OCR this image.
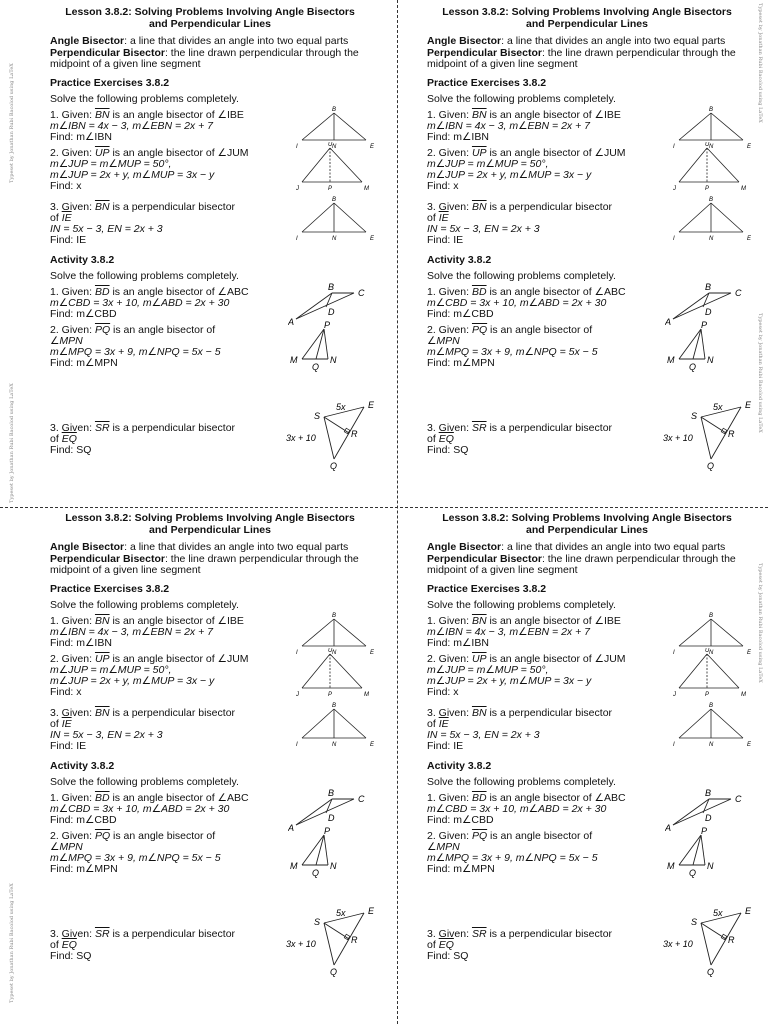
Typeset by Jonathan Rubi Bacolod using LaTeX
Typeset by Jonathan Rubi Bacolod using LaTeX
Typeset by Jonathan Rubi Bacolod using LaTeX
Typeset by Jonathan Rubi Bacolod using LaTeX
Typeset by Jonathan Rubi Bacolod using LaTeX
Typeset by Jonathan Rubi Bacolod using LaTeX
Lesson 3.8.2: Solving Problems Involving Angle Bisectors
and Perpendicular Lines

Angle Bisector: a line that divides an angle into two equal parts

Perpendicular Bisector: the line drawn perpendicular through the midpoint of a given line segment

Practice Exercises 3.8.2
Solve the following problems completely.
1. Given: $\overline{BN}$ is an angle bisector of ∠IBE
m∠IBN = 4x − 3, m∠EBN = 2x + 7
Find: m∠IBN
B
I	N	E
2. Given: $\overline{UP}$ is an angle bisector of ∠JUM
m∠JUP = m∠MUP = 50°,
m∠JUP = 2x + y, m∠MUP = 3x − y
Find: x
U
J	P	M
3. Given: $\overline{BN}$ is a perpendicular bisector
of $\overline{IE}$
IN = 5x − 3, EN = 2x + 3
Find: IE
B
I	N	E
Activity 3.8.2
Solve the following problems completely.
1. Given: $\overline{BD}$ is an angle bisector of ∠ABC
m∠CBD = 3x + 10, m∠ABD = 2x + 30
Find: m∠CBD
B
C
D
A
2. Given: $\overline{PQ}$ is an angle bisector of
∠MPN
m∠MPQ = 3x + 9, m∠NPQ = 5x − 5
Find: m∠MPN
P
M
Q
N
3. Given: $\overline{SR}$ is a perpendicular bisector
of $\overline{EQ}$
Find: SQ
S
E
R
Q
5x
3x + 10
Lesson 3.8.2: Solving Problems Involving Angle Bisectors
and Perpendicular Lines

Angle Bisector: a line that divides an angle into two equal parts

Perpendicular Bisector: the line drawn perpendicular through the midpoint of a given line segment

Practice Exercises 3.8.2
Solve the following problems completely.
1. Given: $\overline{BN}$ is an angle bisector of ∠IBE
m∠IBN = 4x − 3, m∠EBN = 2x + 7
Find: m∠IBN
B
I	N	E
2. Given: $\overline{UP}$ is an angle bisector of ∠JUM
m∠JUP = m∠MUP = 50°,
m∠JUP = 2x + y, m∠MUP = 3x − y
Find: x
U
J	P	M
3. Given: $\overline{BN}$ is a perpendicular bisector
of $\overline{IE}$
IN = 5x − 3, EN = 2x + 3
Find: IE
B
I	N	E
Activity 3.8.2
Solve the following problems completely.
1. Given: $\overline{BD}$ is an angle bisector of ∠ABC
m∠CBD = 3x + 10, m∠ABD = 2x + 30
Find: m∠CBD
B
C
D
A
2. Given: $\overline{PQ}$ is an angle bisector of
∠MPN
m∠MPQ = 3x + 9, m∠NPQ = 5x − 5
Find: m∠MPN
P
M
Q
N
3. Given: $\overline{SR}$ is a perpendicular bisector
of $\overline{EQ}$
Find: SQ
S
E
R
Q
5x
3x + 10
Lesson 3.8.2: Solving Problems Involving Angle Bisectors
and Perpendicular Lines

Angle Bisector: a line that divides an angle into two equal parts

Perpendicular Bisector: the line drawn perpendicular through the midpoint of a given line segment

Practice Exercises 3.8.2
Solve the following problems completely.
1. Given: $\overline{BN}$ is an angle bisector of ∠IBE
m∠IBN = 4x − 3, m∠EBN = 2x + 7
Find: m∠IBN
B
I	N	E
2. Given: $\overline{UP}$ is an angle bisector of ∠JUM
m∠JUP = m∠MUP = 50°,
m∠JUP = 2x + y, m∠MUP = 3x − y
Find: x
U
J	P	M
3. Given: $\overline{BN}$ is a perpendicular bisector
of $\overline{IE}$
IN = 5x − 3, EN = 2x + 3
Find: IE
B
I	N	E
Activity 3.8.2
Solve the following problems completely.
1. Given: $\overline{BD}$ is an angle bisector of ∠ABC
m∠CBD = 3x + 10, m∠ABD = 2x + 30
Find: m∠CBD
B
C
D
A
2. Given: $\overline{PQ}$ is an angle bisector of
∠MPN
m∠MPQ = 3x + 9, m∠NPQ = 5x − 5
Find: m∠MPN
P
M
Q
N
3. Given: $\overline{SR}$ is a perpendicular bisector
of $\overline{EQ}$
Find: SQ
S
E
R
Q
5x
3x + 10
Lesson 3.8.2: Solving Problems Involving Angle Bisectors
and Perpendicular Lines

Angle Bisector: a line that divides an angle into two equal parts

Perpendicular Bisector: the line drawn perpendicular through the midpoint of a given line segment

Practice Exercises 3.8.2
Solve the following problems completely.
1. Given: $\overline{BN}$ is an angle bisector of ∠IBE
m∠IBN = 4x − 3, m∠EBN = 2x + 7
Find: m∠IBN
B
I	N	E
2. Given: $\overline{UP}$ is an angle bisector of ∠JUM
m∠JUP = m∠MUP = 50°,
m∠JUP = 2x + y, m∠MUP = 3x − y
Find: x
U
J	P	M
3. Given: $\overline{BN}$ is a perpendicular bisector
of $\overline{IE}$
IN = 5x − 3, EN = 2x + 3
Find: IE
B
I	N	E
Activity 3.8.2
Solve the following problems completely.
1. Given: $\overline{BD}$ is an angle bisector of ∠ABC
m∠CBD = 3x + 10, m∠ABD = 2x + 30
Find: m∠CBD
B
C
D
A
2. Given: $\overline{PQ}$ is an angle bisector of
∠MPN
m∠MPQ = 3x + 9, m∠NPQ = 5x − 5
Find: m∠MPN
P
M
Q
N
3. Given: $\overline{SR}$ is a perpendicular bisector
of $\overline{EQ}$
Find: SQ
S
E
R
Q
5x
3x + 10
